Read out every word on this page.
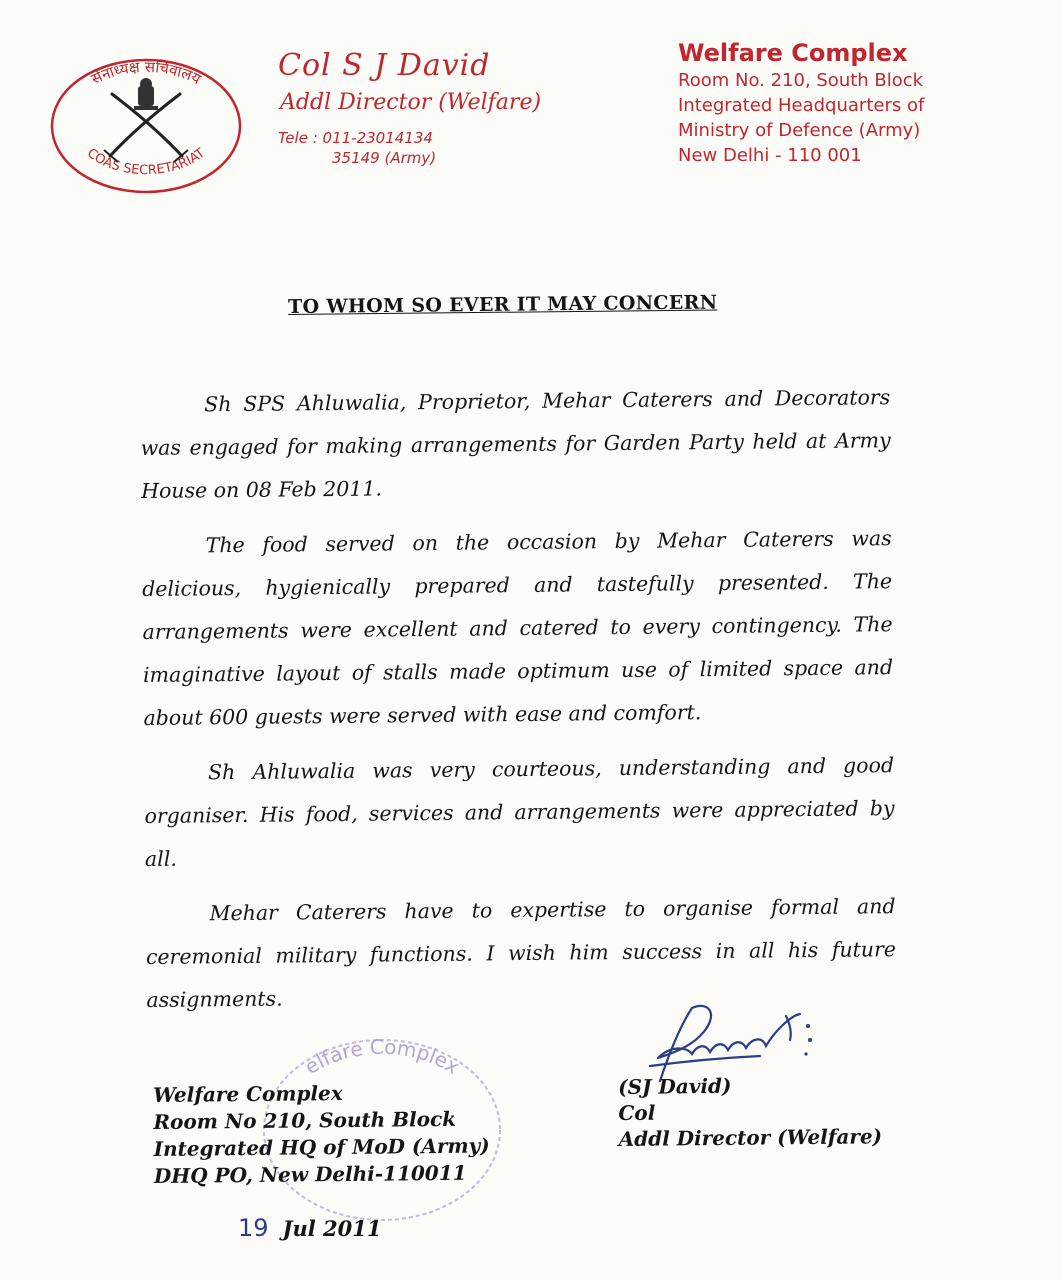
सेनाध्यक्ष सचिवालय
COAS SECRETARIAT
Col S J David
Addl Director (Welfare)
Tele : 011-23014134
35149 (Army)
Welfare Complex
Room No. 210, South Block
Integrated Headquarters of
Ministry of Defence (Army)
New Delhi - 110 001
TO WHOM SO EVER IT MAY CONCERN

Sh SPS Ahluwalia, Proprietor, Mehar Caterers and Decorators was engaged for making arrangements for Garden Party held at Army House on 08 Feb 2011.

The food served on the occasion by Mehar Caterers was delicious, hygienically prepared and tastefully presented. The arrangements were excellent and catered to every contingency. The imaginative layout of stalls made optimum use of limited space and about 600 guests were served with ease and comfort.

Sh Ahluwalia was very courteous, understanding and good organiser. His food, services and arrangements were appreciated by all.

Mehar Caterers have to expertise to organise formal and ceremonial military functions. I wish him success in all his future assignments.

elfare Complex
Welfare Complex
Room No 210, South Block
Integrated HQ of MoD (Army)
DHQ PO, New Delhi-110011
19 Jul 2011
(SJ David)
Col
Addl Director (Welfare)
